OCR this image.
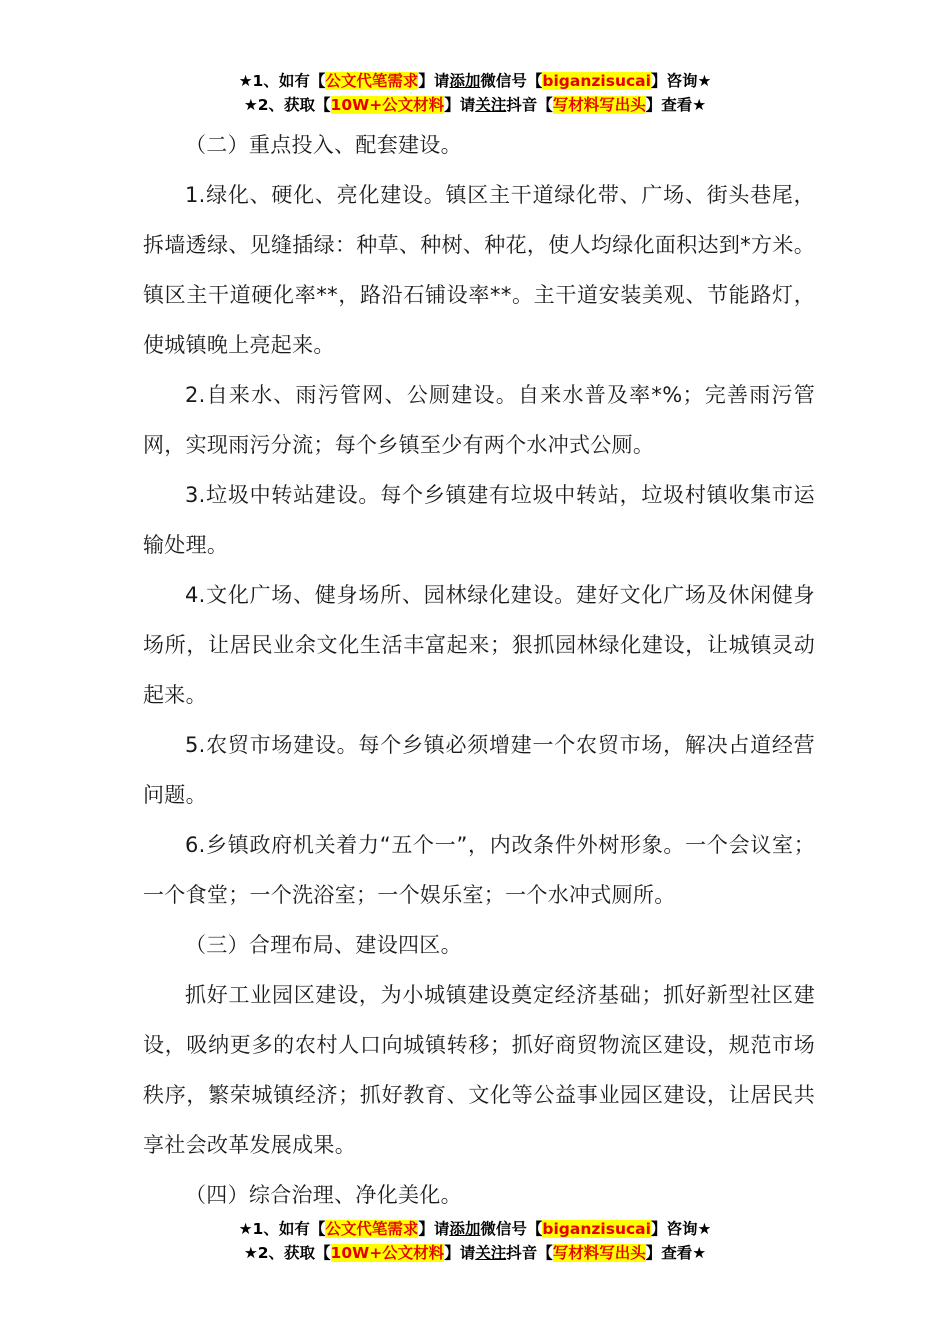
★1、如有【公文代笔需求】请添加微信号【biganzisucai】咨询★
★2、获取【10W+公文材料】请关注抖音【写材料写出头】查看★

（二）重点投入、配套建设。

1.绿化、硬化、亮化建设。镇区主干道绿化带、广场、街头巷尾，拆墙透绿、见缝插绿：种草、种树、种花，使人均绿化面积达到*方米。镇区主干道硬化率**，路沿石铺设率**。主干道安装美观、节能路灯，使城镇晚上亮起来。

2.自来水、雨污管网、公厕建设。自来水普及率*%；完善雨污管网，实现雨污分流；每个乡镇至少有两个水冲式公厕。

3.垃圾中转站建设。每个乡镇建有垃圾中转站，垃圾村镇收集市运输处理。

4.文化广场、健身场所、园林绿化建设。建好文化广场及休闲健身场所，让居民业余文化生活丰富起来；狠抓园林绿化建设，让城镇灵动起来。

5.农贸市场建设。每个乡镇必须增建一个农贸市场，解决占道经营问题。

6.乡镇政府机关着力“五个一”，内改条件外树形象。一个会议室；一个食堂；一个洗浴室；一个娱乐室；一个水冲式厕所。

（三）合理布局、建设四区。

抓好工业园区建设，为小城镇建设奠定经济基础；抓好新型社区建设，吸纳更多的农村人口向城镇转移；抓好商贸物流区建设，规范市场秩序，繁荣城镇经济；抓好教育、文化等公益事业园区建设，让居民共享社会改革发展成果。

（四）综合治理、净化美化。

★1、如有【公文代笔需求】请添加微信号【biganzisucai】咨询★
★2、获取【10W+公文材料】请关注抖音【写材料写出头】查看★
